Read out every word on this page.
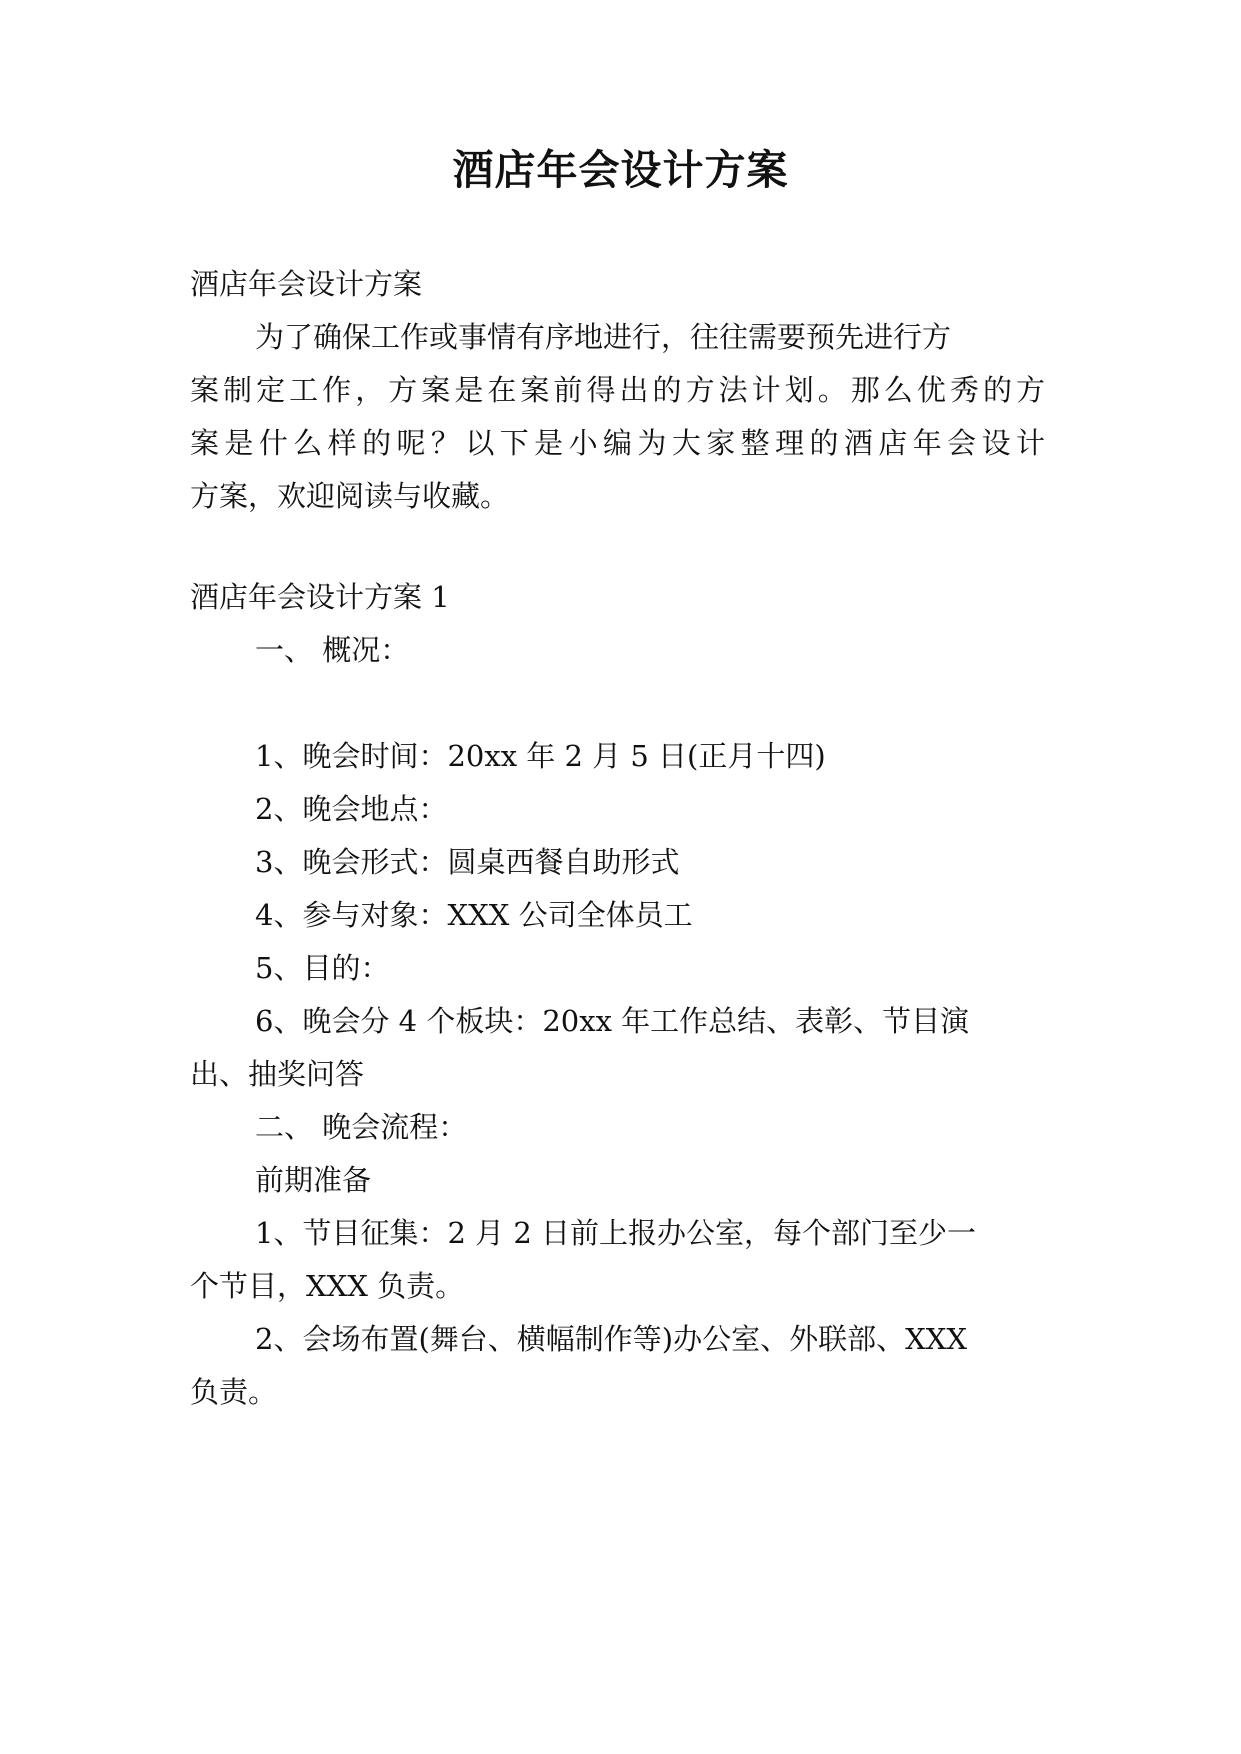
酒店年会设计方案
酒店年会设计方案
为了确保工作或事情有序地进行，往往需要预先进行方
案制定工作，方案是在案前得出的方法计划。那么优秀的方
案是什么样的呢？以下是小编为大家整理的酒店年会设计
方案，欢迎阅读与收藏。
酒店年会设计方案 1
一、 概况：
1、晚会时间：20xx 年 2 月 5 日(正月十四)
2、晚会地点：
3、晚会形式：圆桌西餐自助形式
4、参与对象：XXX 公司全体员工
5、目的：
6、晚会分 4 个板块：20xx 年工作总结、表彰、节目演
出、抽奖问答
二、 晚会流程：
前期准备
1、节目征集：2 月 2 日前上报办公室，每个部门至少一
个节目，XXX 负责。
2、会场布置(舞台、横幅制作等)办公室、外联部、XXX
负责。
